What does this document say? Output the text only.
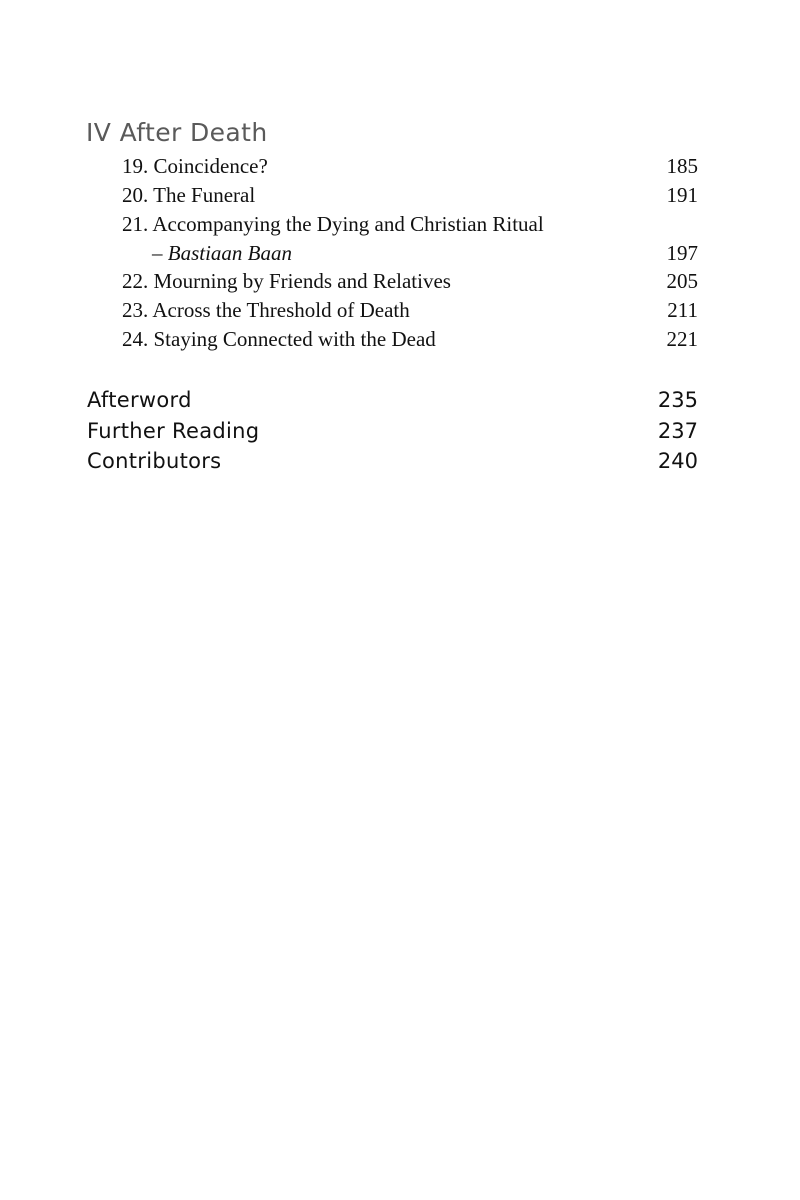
IV After Death
19. Coincidence?	185
20. The Funeral	191
21. Accompanying the Dying and Christian Ritual
– Bastiaan Baan	197
22. Mourning by Friends and Relatives	205
23. Across the Threshold of Death	211
24. Staying Connected with the Dead	221
Afterword	235
Further Reading	237
Contributors	240
